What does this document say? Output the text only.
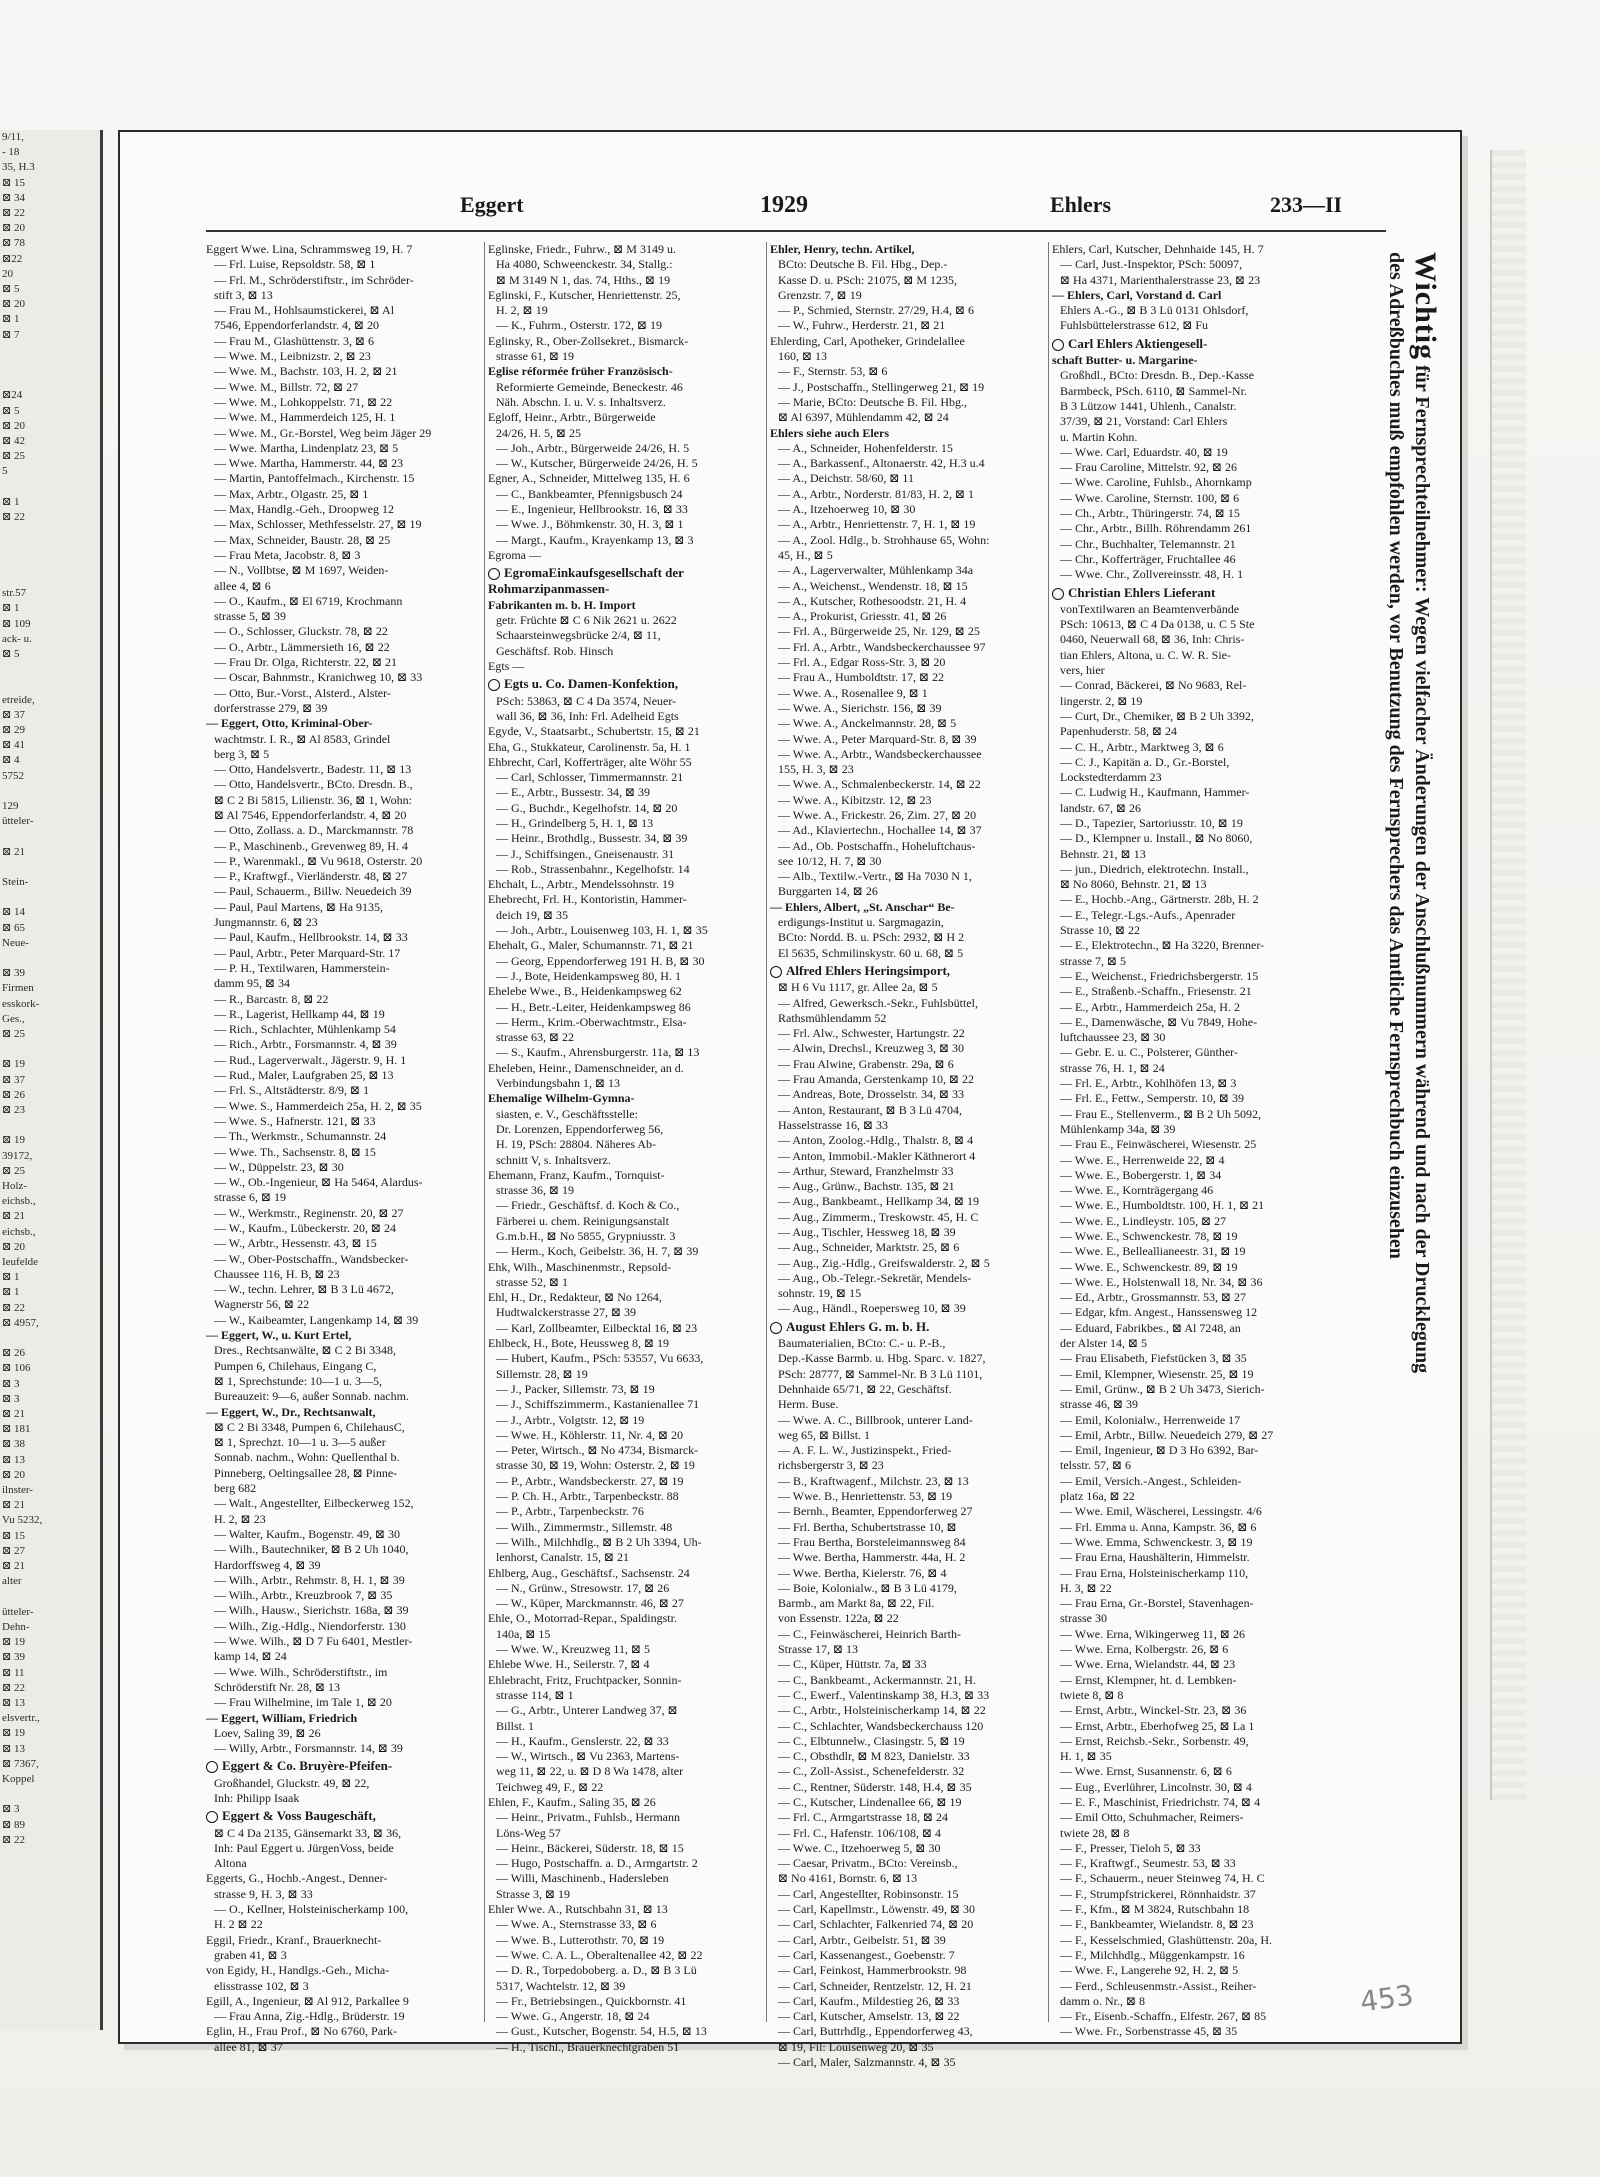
9/11,
- 18
35, H.3
⊠ 15
⊠ 34
⊠ 22
⊠ 20
⊠ 78
⊠22
20
⊠ 5
⊠ 20
⊠ 1
⊠ 7

⊠24
⊠ 5
⊠ 20
⊠ 42
⊠ 25
5

⊠ 1
⊠ 22

str.57
⊠ 1
⊠ 109
ack- u.
⊠ 5

etreide,
⊠ 37
⊠ 29
⊠ 41
⊠ 4
5752

129
ütteler-

⊠ 21

Stein-

⊠ 14
⊠ 65
Neue-

⊠ 39
Firmen
esskork-
Ges.,
⊠ 25

⊠ 19
⊠ 37
⊠ 26
⊠ 23

⊠ 19
39172,
⊠ 25
Holz-
eichsb.,
⊠ 21
eichsb.,
⊠ 20
Ieufelde
⊠ 1
⊠ 1
⊠ 22
⊠ 4957,

⊠ 26
⊠ 106
⊠ 3
⊠ 3
⊠ 21
⊠ 181
⊠ 38
⊠ 13
⊠ 20
ilnster-
⊠ 21
Vu 5232,
⊠ 15
⊠ 27
⊠ 21
alter

ütteler-
Dehn-
⊠ 19
⊠ 39
⊠ 11
⊠ 22
⊠ 13
elsvertr.,
⊠ 19
⊠ 13
⊠ 7367,
Koppel

⊠ 3
⊠ 89
⊠ 22
Eggert	1929	Ehlers	233—II
Eggert Wwe. Lina, Schrammsweg 19, H. 7
— Frl. Luise, Repsoldstr. 58, ⊠ 1
— Frl. M., Schröderstiftstr., im Schröder-
stift 3, ⊠ 13
— Frau M., Hohlsaumstickerei, ⊠ Al
7546, Eppendorferlandstr. 4, ⊠ 20
— Frau M., Glashüttenstr. 3, ⊠ 6
— Wwe. M., Leibnizstr. 2, ⊠ 23
— Wwe. M., Bachstr. 103, H. 2, ⊠ 21
— Wwe. M., Billstr. 72, ⊠ 27
— Wwe. M., Lohkoppelstr. 71, ⊠ 22
— Wwe. M., Hammerdeich 125, H. 1
— Wwe. M., Gr.-Borstel, Weg beim Jäger 29
— Wwe. Martha, Lindenplatz 23, ⊠ 5
— Wwe. Martha, Hammerstr. 44, ⊠ 23
— Martin, Pantoffelmach., Kirchenstr. 15
— Max, Arbtr., Olgastr. 25, ⊠ 1
— Max, Handlg.-Geh., Droopweg 12
— Max, Schlosser, Methfesselstr. 27, ⊠ 19
— Max, Schneider, Baustr. 28, ⊠ 25
— Frau Meta, Jacobstr. 8, ⊠ 3
— N., Vollbtse, ⊠ M 1697, Weiden-
allee 4, ⊠ 6
— O., Kaufm., ⊠ El 6719, Krochmann
strasse 5, ⊠ 39
— O., Schlosser, Gluckstr. 78, ⊠ 22
— O., Arbtr., Lämmersieth 16, ⊠ 22
— Frau Dr. Olga, Richterstr. 22, ⊠ 21
— Oscar, Bahnmstr., Kranichweg 10, ⊠ 33
— Otto, Bur.-Vorst., Alsterd., Alster-
dorferstrasse 279, ⊠ 39
— Eggert, Otto, Kriminal-Ober-
wachtmstr. I. R., ⊠ Al 8583, Grindel
berg 3, ⊠ 5
— Otto, Handelsvertr., Badestr. 11, ⊠ 13
— Otto, Handelsvertr., BCto. Dresdn. B.,
⊠ C 2 Bi 5815, Lilienstr. 36, ⊠ 1, Wohn:
⊠ Al 7546, Eppendorferlandstr. 4, ⊠ 20
— Otto, Zollass. a. D., Marckmannstr. 78
— P., Maschinenb., Grevenweg 89, H. 4
— P., Warenmakl., ⊠ Vu 9618, Osterstr. 20
— P., Kraftwgf., Vierländerstr. 48, ⊠ 27
— Paul, Schauerm., Billw. Neuedeich 39
— Paul, Paul Martens, ⊠ Ha 9135,
Jungmannstr. 6, ⊠ 23
— Paul, Kaufm., Hellbrookstr. 14, ⊠ 33
— Paul, Arbtr., Peter Marquard-Str. 17
— P. H., Textilwaren, Hammerstein-
damm 95, ⊠ 34
— R., Barcastr. 8, ⊠ 22
— R., Lagerist, Hellkamp 44, ⊠ 19
— Rich., Schlachter, Mühlenkamp 54
— Rich., Arbtr., Forsmannstr. 4, ⊠ 39
— Rud., Lagerverwalt., Jägerstr. 9, H. 1
— Rud., Maler, Laufgraben 25, ⊠ 13
— Frl. S., Altstädterstr. 8/9, ⊠ 1
— Wwe. S., Hammerdeich 25a, H. 2, ⊠ 35
— Wwe. S., Hafnerstr. 121, ⊠ 33
— Th., Werkmstr., Schumannstr. 24
— Wwe. Th., Sachsenstr. 8, ⊠ 15
— W., Düppelstr. 23, ⊠ 30
— W., Ob.-Ingenieur, ⊠ Ha 5464, Alardus-
strasse 6, ⊠ 19
— W., Werkmstr., Reginenstr. 20, ⊠ 27
— W., Kaufm., Lübeckerstr. 20, ⊠ 24
— W., Arbtr., Hessenstr. 43, ⊠ 15
— W., Ober-Postschaffn., Wandsbecker-
Chaussee 116, H. B, ⊠ 23
— W., techn. Lehrer, ⊠ B 3 Lü 4672,
Wagnerstr 56, ⊠ 22
— W., Kaibeamter, Langenkamp 14, ⊠ 39
— Eggert, W., u. Kurt Ertel,
Dres., Rechtsanwälte, ⊠ C 2 Bi 3348,
Pumpen 6, Chilehaus, Eingang C,
⊠ 1, Sprechstunde: 10—1 u. 3—5,
Bureauzeit: 9—6, außer Sonnab. nachm.
— Eggert, W., Dr., Rechtsanwalt,
⊠ C 2 Bi 3348, Pumpen 6, ChilehausC,
⊠ 1, Sprechzt. 10—1 u. 3—5 außer
Sonnab. nachm., Wohn: Quellenthal b.
Pinneberg, Oeltingsallee 28, ⊠ Pinne-
berg 682
— Walt., Angestellter, Eilbeckerweg 152,
H. 2, ⊠ 23
— Walter, Kaufm., Bogenstr. 49, ⊠ 30
— Wilh., Bautechniker, ⊠ B 2 Uh 1040,
Hardorffsweg 4, ⊠ 39
— Wilh., Arbtr., Rehmstr. 8, H. 1, ⊠ 39
— Wilh., Arbtr., Kreuzbrook 7, ⊠ 35
— Wilh., Hausw., Sierichstr. 168a, ⊠ 39
— Wilh., Zig.-Hdlg., Niendorferstr. 130
— Wwe. Wilh., ⊠ D 7 Fu 6401, Mestler-
kamp 14, ⊠ 24
— Wwe. Wilh., Schröderstiftstr., im
Schröderstift Nr. 28, ⊠ 13
— Frau Wilhelmine, im Tale 1, ⊠ 20
— Eggert, William, Friedrich
Loev, Saling 39, ⊠ 26
— Willy, Arbtr., Forsmannstr. 14, ⊠ 39
Eggert & Co. Bruyère-Pfeifen-
Großhandel, Gluckstr. 49, ⊠ 22,
Inh: Philipp Isaak
Eggert & Voss Baugeschäft,
⊠ C 4 Da 2135, Gänsemarkt 33, ⊠ 36,
Inh: Paul Eggert u. JürgenVoss, beide
Altona
Eggerts, G., Hochb.-Angest., Denner-
strasse 9, H. 3, ⊠ 33
— O., Kellner, Holsteinischerkamp 100,
H. 2 ⊠ 22
Eggil, Friedr., Kranf., Brauerknecht-
graben 41, ⊠ 3
von Egidy, H., Handlgs.-Geh., Micha-
elisstrasse 102, ⊠ 3
Egill, A., Ingenieur, ⊠ Al 912, Parkallee 9
— Frau Anna, Zig.-Hdlg., Brüderstr. 19
Eglin, H., Frau Prof., ⊠ No 6760, Park-
allee 81, ⊠ 37
Eglinske, Friedr., Fuhrw., ⊠ M 3149 u.
Ha 4080, Schweenckestr. 34, Stallg.:
⊠ M 3149 N 1, das. 74, Hths., ⊠ 19
Eglinski, F., Kutscher, Henriettenstr. 25,
H. 2, ⊠ 19
— K., Fuhrm., Osterstr. 172, ⊠ 19
Eglinsky, R., Ober-Zollsekret., Bismarck-
strasse 61, ⊠ 19
Eglise réformée früher Französisch-
Reformierte Gemeinde, Beneckestr. 46
Näh. Abschn. I. u. V. s. Inhaltsverz.
Egloff, Heinr., Arbtr., Bürgerweide
24/26, H. 5, ⊠ 25
— Joh., Arbtr., Bürgerweide 24/26, H. 5
— W., Kutscher, Bürgerweide 24/26, H. 5
Egner, A., Schneider, Mittelweg 135, H. 6
— C., Bankbeamter, Pfennigsbusch 24
— E., Ingenieur, Hellbrookstr. 16, ⊠ 33
— Wwe. J., Böhmkenstr. 30, H. 3, ⊠ 1
— Margt., Kaufm., Krayenkamp 13, ⊠ 3
Egroma —
EgromaEinkaufsgesellschaft der Rohmarzipanmassen-
Fabrikanten m. b. H. Import
getr. Früchte ⊠ C 6 Nik 2621 u. 2622
Schaarsteinwegsbrücke 2/4, ⊠ 11,
Geschäftsf. Rob. Hinsch
Egts —
Egts u. Co. Damen-Konfektion,
PSch: 53863, ⊠ C 4 Da 3574, Neuer-
wall 36, ⊠ 36, Inh: Frl. Adelheid Egts
Egyde, V., Staatsarbt., Schubertstr. 15, ⊠ 21
Eha, G., Stukkateur, Carolinenstr. 5a, H. 1
Ehbrecht, Carl, Kofferträger, alte Wöhr 55
— Carl, Schlosser, Timmermannstr. 21
— E., Arbtr., Bussestr. 34, ⊠ 39
— G., Buchdr., Kegelhofstr. 14, ⊠ 20
— H., Grindelberg 5, H. 1, ⊠ 13
— Heinr., Brothdlg., Bussestr. 34, ⊠ 39
— J., Schiffsingen., Gneisenaustr. 31
— Rob., Strassenbahnr., Kegelhofstr. 14
Ehchalt, L., Arbtr., Mendelssohnstr. 19
Ehebrecht, Frl. H., Kontoristin, Hammer-
deich 19, ⊠ 35
— Joh., Arbtr., Louisenweg 103, H. 1, ⊠ 35
Ehehalt, G., Maler, Schumannstr. 71, ⊠ 21
— Georg, Eppendorferweg 191 H. B, ⊠ 30
— J., Bote, Heidenkampsweg 80, H. 1
Ehelebe Wwe., B., Heidenkampsweg 62
— H., Betr.-Leiter, Heidenkampsweg 86
— Herm., Krim.-Oberwachtmstr., Elsa-
strasse 63, ⊠ 22
— S., Kaufm., Ahrensburgerstr. 11a, ⊠ 13
Eheleben, Heinr., Damenschneider, an d.
Verbindungsbahn 1, ⊠ 13
Ehemalige Wilhelm-Gymna-
siasten, e. V., Geschäftsstelle:
Dr. Lorenzen, Eppendorferweg 56,
H. 19, PSch: 28804. Näheres Ab-
schnitt V, s. Inhaltsverz.
Ehemann, Franz, Kaufm., Tornquist-
strasse 36, ⊠ 19
— Friedr., Geschäftsf. d. Koch & Co.,
Färberei u. chem. Reinigungsanstalt
G.m.b.H., ⊠ No 5855, Grypniusstr. 3
— Herm., Koch, Geibelstr. 36, H. 7, ⊠ 39
Ehk, Wilh., Maschinenmstr., Repsold-
strasse 52, ⊠ 1
Ehl, H., Dr., Redakteur, ⊠ No 1264,
Hudtwalckerstrasse 27, ⊠ 39
— Karl, Zollbeamter, Eilbecktal 16, ⊠ 23
Ehlbeck, H., Bote, Heussweg 8, ⊠ 19
— Hubert, Kaufm., PSch: 53557, Vu 6633,
Sillemstr. 28, ⊠ 19
— J., Packer, Sillemstr. 73, ⊠ 19
— J., Schiffszimmerm., Kastanienallee 71
— J., Arbtr., Volgtstr. 12, ⊠ 19
— Wwe. H., Köhlerstr. 11, Nr. 4, ⊠ 20
— Peter, Wirtsch., ⊠ No 4734, Bismarck-
strasse 30, ⊠ 19, Wohn: Osterstr. 2, ⊠ 19
— P., Arbtr., Wandsbeckerstr. 27, ⊠ 19
— P. Ch. H., Arbtr., Tarpenbeckstr. 88
— P., Arbtr., Tarpenbeckstr. 76
— Wilh., Zimmermstr., Sillemstr. 48
— Wilh., Milchhdlg., ⊠ B 2 Uh 3394, Uh-
lenhorst, Canalstr. 15, ⊠ 21
Ehlberg, Aug., Geschäftsf., Sachsenstr. 24
— N., Grünw., Stresowstr. 17, ⊠ 26
— W., Küper, Marckmannstr. 46, ⊠ 27
Ehle, O., Motorrad-Repar., Spaldingstr.
140a, ⊠ 15
— Wwe. W., Kreuzweg 11, ⊠ 5
Ehlebe Wwe. H., Seilerstr. 7, ⊠ 4
Ehlebracht, Fritz, Fruchtpacker, Sonnin-
strasse 114, ⊠ 1
— G., Arbtr., Unterer Landweg 37, ⊠
Billst. 1
— H., Kaufm., Genslerstr. 22, ⊠ 33
— W., Wirtsch., ⊠ Vu 2363, Martens-
weg 11, ⊠ 22, u. ⊠ D 8 Wa 1478, alter
Teichweg 49, F., ⊠ 22
Ehlen, F., Kaufm., Saling 35, ⊠ 26
— Heinr., Privatm., Fuhlsb., Hermann
Löns-Weg 57
— Heinr., Bäckerei, Süderstr. 18, ⊠ 15
— Hugo, Postschaffn. a. D., Armgartstr. 2
— Willi, Maschinenb., Hadersleben
Strasse 3, ⊠ 19
Ehler Wwe. A., Rutschbahn 31, ⊠ 13
— Wwe. A., Sternstrasse 33, ⊠ 6
— Wwe. B., Lutterothstr. 70, ⊠ 19
— Wwe. C. A. L., Oberaltenallee 42, ⊠ 22
— D. R., Torpedoboberg. a. D., ⊠ B 3 Lü
5317, Wachtelstr. 12, ⊠ 39
— Fr., Betriebsingen., Quickbornstr. 41
— Wwe. G., Angerstr. 18, ⊠ 24
— Gust., Kutscher, Bogenstr. 54, H.5, ⊠ 13
— H., Tischl., Brauerknechtgraben 51
Ehler, Henry, techn. Artikel,
BCto: Deutsche B. Fil. Hbg., Dep.-
Kasse D. u. PSch: 21075, ⊠ M 1235,
Grenzstr. 7, ⊠ 19
— P., Schmied, Sternstr. 27/29, H.4, ⊠ 6
— W., Fuhrw., Herderstr. 21, ⊠ 21
Ehlerding, Carl, Apotheker, Grindelallee
160, ⊠ 13
— F., Sternstr. 53, ⊠ 6
— J., Postschaffn., Stellingerweg 21, ⊠ 19
— Marie, BCto: Deutsche B. Fil. Hbg.,
⊠ Al 6397, Mühlendamm 42, ⊠ 24
Ehlers siehe auch Elers
— A., Schneider, Hohenfelderstr. 15
— A., Barkassenf., Altonaerstr. 42, H.3 u.4
— A., Deichstr. 58/60, ⊠ 11
— A., Arbtr., Norderstr. 81/83, H. 2, ⊠ 1
— A., Itzehoerweg 10, ⊠ 30
— A., Arbtr., Henriettenstr. 7, H. 1, ⊠ 19
— A., Zool. Hdlg., b. Strohhause 65, Wohn:
45, H., ⊠ 5
— A., Lagerverwalter, Mühlenkamp 34a
— A., Weichenst., Wendenstr. 18, ⊠ 15
— A., Kutscher, Rothesoodstr. 21, H. 4
— A., Prokurist, Griesstr. 41, ⊠ 26
— Frl. A., Bürgerweide 25, Nr. 129, ⊠ 25
— Frl. A., Arbtr., Wandsbeckerchaussee 97
— Frl. A., Edgar Ross-Str. 3, ⊠ 20
— Frau A., Humboldtstr. 17, ⊠ 22
— Wwe. A., Rosenallee 9, ⊠ 1
— Wwe. A., Sierichstr. 156, ⊠ 39
— Wwe. A., Anckelmannstr. 28, ⊠ 5
— Wwe. A., Peter Marquard-Str. 8, ⊠ 39
— Wwe. A., Arbtr., Wandsbeckerchaussee
155, H. 3, ⊠ 23
— Wwe. A., Schmalenbeckerstr. 14, ⊠ 22
— Wwe. A., Kibitzstr. 12, ⊠ 23
— Wwe. A., Frickestr. 26, Zim. 27, ⊠ 20
— Ad., Klaviertechn., Hochallee 14, ⊠ 37
— Ad., Ob. Postschaffn., Hoheluftchaus-
see 10/12, H. 7, ⊠ 30
— Alb., Textilw.-Vertr., ⊠ Ha 7030 N 1,
Burggarten 14, ⊠ 26
— Ehlers, Albert, „St. Anschar“ Be-
erdigungs-Institut u. Sargmagazin,
BCto: Nordd. B. u. PSch: 2932, ⊠ H 2
El 5635, Schmilinskystr. 60 u. 68, ⊠ 5
Alfred Ehlers Heringsimport,
⊠ H 6 Vu 1117, gr. Allee 2a, ⊠ 5
— Alfred, Gewerksch.-Sekr., Fuhlsbüttel,
Rathsmühlendamm 52
— Frl. Alw., Schwester, Hartungstr. 22
— Alwin, Drechsl., Kreuzweg 3, ⊠ 30
— Frau Alwine, Grabenstr. 29a, ⊠ 6
— Frau Amanda, Gerstenkamp 10, ⊠ 22
— Andreas, Bote, Drosselstr. 34, ⊠ 33
— Anton, Restaurant, ⊠ B 3 Lü 4704,
Hasselstrasse 16, ⊠ 33
— Anton, Zoolog.-Hdlg., Thalstr. 8, ⊠ 4
— Anton, Immobil.-Makler Käthnerort 4
— Arthur, Steward, Franzhelmstr 33
— Aug., Grünw., Bachstr. 135, ⊠ 21
— Aug., Bankbeamt., Hellkamp 34, ⊠ 19
— Aug., Zimmerm., Treskowstr. 45, H. C
— Aug., Tischler, Hessweg 18, ⊠ 39
— Aug., Schneider, Marktstr. 25, ⊠ 6
— Aug., Zig.-Hdlg., Greifswalderstr. 2, ⊠ 5
— Aug., Ob.-Telegr.-Sekretär, Mendels-
sohnstr. 19, ⊠ 15
— Aug., Händl., Roepersweg 10, ⊠ 39
August Ehlers G. m. b. H.
Baumaterialien, BCto: C.- u. P.-B.,
Dep.-Kasse Barmb. u. Hbg. Sparc. v. 1827,
PSch: 28777, ⊠ Sammel-Nr. B 3 Lü 1101,
Dehnhaide 65/71, ⊠ 22, Geschäftsf.
Herm. Buse.
— Wwe. A. C., Billbrook, unterer Land-
weg 65, ⊠ Billst. 1
— A. F. L. W., Justizinspekt., Fried-
richsbergerstr 3, ⊠ 23
— B., Kraftwagenf., Milchstr. 23, ⊠ 13
— Wwe. B., Henriettenstr. 53, ⊠ 19
— Bernh., Beamter, Eppendorferweg 27
— Frl. Bertha, Schubertstrasse 10, ⊠
— Frau Bertha, Borsteleimannsweg 84
— Wwe. Bertha, Hammerstr. 44a, H. 2
— Wwe. Bertha, Kielerstr. 76, ⊠ 4
— Boie, Kolonialw., ⊠ B 3 Lü 4179,
Barmb., am Markt 8a, ⊠ 22, Fil.
von Essenstr. 122a, ⊠ 22
— C., Feinwäscherei, Heinrich Barth-
Strasse 17, ⊠ 13
— C., Küper, Hüttstr. 7a, ⊠ 33
— C., Bankbeamt., Ackermannstr. 21, H.
— C., Ewerf., Valentinskamp 38, H.3, ⊠ 33
— C., Arbtr., Holsteinischerkamp 14, ⊠ 22
— C., Schlachter, Wandsbeckerchauss 120
— C., Elbtunnelw., Clasingstr. 5, ⊠ 19
— C., Obsthdlr, ⊠ M 823, Danielstr. 33
— C., Zoll-Assist., Schenefelderstr. 32
— C., Rentner, Süderstr. 148, H.4, ⊠ 35
— C., Kutscher, Lindenallee 66, ⊠ 19
— Frl. C., Armgartstrasse 18, ⊠ 24
— Frl. C., Hafenstr. 106/108, ⊠ 4
— Wwe. C., Itzehoerweg 5, ⊠ 30
— Caesar, Privatm., BCto: Vereinsb.,
⊠ No 4161, Bornstr. 6, ⊠ 13
— Carl, Angestellter, Robinsonstr. 15
— Carl, Kapellmstr., Löwenstr. 49, ⊠ 30
— Carl, Schlachter, Falkenried 74, ⊠ 20
— Carl, Arbtr., Geibelstr. 51, ⊠ 39
— Carl, Kassenangest., Goebenstr. 7
— Carl, Feinkost, Hammerbrookstr. 98
— Carl, Schneider, Rentzelstr. 12, H. 21
— Carl, Kaufm., Mildestieg 26, ⊠ 33
— Carl, Kutscher, Amselstr. 13, ⊠ 22
— Carl, Buttrhdlg., Eppendorferweg 43,
⊠ 19, Fil: Louisenweg 20, ⊠ 35
— Carl, Maler, Salzmannstr. 4, ⊠ 35
Ehlers, Carl, Kutscher, Dehnhaide 145, H. 7
— Carl, Just.-Inspektor, PSch: 50097,
⊠ Ha 4371, Marienthalerstrasse 23, ⊠ 23
— Ehlers, Carl, Vorstand d. Carl
Ehlers A.-G., ⊠ B 3 Lü 0131 Ohlsdorf,
Fuhlsbüttelerstrasse 612, ⊠ Fu
Carl Ehlers Aktiengesell-
schaft Butter- u. Margarine-
Großhdl., BCto: Dresdn. B., Dep.-Kasse
Barmbeck, PSch. 6110, ⊠ Sammel-Nr.
B 3 Lützow 1441, Uhlenh., Canalstr.
37/39, ⊠ 21, Vorstand: Carl Ehlers
u. Martin Kohn.
— Wwe. Carl, Eduardstr. 40, ⊠ 19
— Frau Caroline, Mittelstr. 92, ⊠ 26
— Wwe. Caroline, Fuhlsb., Ahornkamp
— Wwe. Caroline, Sternstr. 100, ⊠ 6
— Ch., Arbtr., Thüringerstr. 74, ⊠ 15
— Chr., Arbtr., Billh. Röhrendamm 261
— Chr., Buchhalter, Telemannstr. 21
— Chr., Kofferträger, Fruchtallee 46
— Wwe. Chr., Zollvereinsstr. 48, H. 1
Christian Ehlers Lieferant
vonTextilwaren an Beamtenverbände
PSch: 10613, ⊠ C 4 Da 0138, u. C 5 Ste
0460, Neuerwall 68, ⊠ 36, Inh: Chris-
tian Ehlers, Altona, u. C. W. R. Sie-
vers, hier
— Conrad, Bäckerei, ⊠ No 9683, Rel-
lingerstr. 2, ⊠ 19
— Curt, Dr., Chemiker, ⊠ B 2 Uh 3392,
Papenhuderstr. 58, ⊠ 24
— C. H., Arbtr., Marktweg 3, ⊠ 6
— C. J., Kapitän a. D., Gr.-Borstel,
Lockstedterdamm 23
— C. Ludwig H., Kaufmann, Hammer-
landstr. 67, ⊠ 26
— D., Tapezier, Sartoriusstr. 10, ⊠ 19
— D., Klempner u. Install., ⊠ No 8060,
Behnstr. 21, ⊠ 13
— jun., Diedrich, elektrotechn. Install.,
⊠ No 8060, Behnstr. 21, ⊠ 13
— E., Hochb.-Ang., Gärtnerstr. 28b, H. 2
— E., Telegr.-Lgs.-Aufs., Apenrader
Strasse 10, ⊠ 22
— E., Elektrotechn., ⊠ Ha 3220, Brenner-
strasse 7, ⊠ 5
— E., Weichenst., Friedrichsbergerstr. 15
— E., Straßenb.-Schaffn., Friesenstr. 21
— E., Arbtr., Hammerdeich 25a, H. 2
— E., Damenwäsche, ⊠ Vu 7849, Hohe-
luftchaussee 23, ⊠ 30
— Gebr. E. u. C., Polsterer, Günther-
strasse 76, H. 1, ⊠ 24
— Frl. E., Arbtr., Kohlhöfen 13, ⊠ 3
— Frl. E., Fettw., Semperstr. 10, ⊠ 39
— Frau E., Stellenverm., ⊠ B 2 Uh 5092,
Mühlenkamp 34a, ⊠ 39
— Frau E., Feinwäscherei, Wiesenstr. 25
— Wwe. E., Herrenweide 22, ⊠ 4
— Wwe. E., Bobergerstr. 1, ⊠ 34
— Wwe. E., Kornträgergang 46
— Wwe. E., Humboldtstr. 100, H. 1, ⊠ 21
— Wwe. E., Lindleystr. 105, ⊠ 27
— Wwe. E., Schwenckestr. 78, ⊠ 19
— Wwe. E., Belleallianeestr. 31, ⊠ 19
— Wwe. E., Schwenckestr. 89, ⊠ 19
— Wwe. E., Holstenwall 18, Nr. 34, ⊠ 36
— Ed., Arbtr., Grossmannstr. 53, ⊠ 27
— Edgar, kfm. Angest., Hanssensweg 12
— Eduard, Fabrikbes., ⊠ Al 7248, an
der Alster 14, ⊠ 5
— Frau Elisabeth, Fiefstücken 3, ⊠ 35
— Emil, Klempner, Wiesenstr. 25, ⊠ 19
— Emil, Grünw., ⊠ B 2 Uh 3473, Sierich-
strasse 46, ⊠ 39
— Emil, Kolonialw., Herrenweide 17
— Emil, Arbtr., Billw. Neuedeich 279, ⊠ 27
— Emil, Ingenieur, ⊠ D 3 Ho 6392, Bar-
telsstr. 57, ⊠ 6
— Emil, Versich.-Angest., Schleiden-
platz 16a, ⊠ 22
— Wwe. Emil, Wäscherei, Lessingstr. 4/6
— Frl. Emma u. Anna, Kampstr. 36, ⊠ 6
— Wwe. Emma, Schwenckestr. 3, ⊠ 19
— Frau Erna, Haushälterin, Himmelstr.
— Frau Erna, Holsteinischerkamp 110,
H. 3, ⊠ 22
— Frau Erna, Gr.-Borstel, Stavenhagen-
strasse 30
— Wwe. Erna, Wikingerweg 11, ⊠ 26
— Wwe. Erna, Kolbergstr. 26, ⊠ 6
— Wwe. Erna, Wielandstr. 44, ⊠ 23
— Ernst, Klempner, ht. d. Lembken-
twiete 8, ⊠ 8
— Ernst, Arbtr., Winckel-Str. 23, ⊠ 36
— Ernst, Arbtr., Eberhofweg 25, ⊠ La 1
— Ernst, Reichsb.-Sekr., Sorbenstr. 49,
H. 1, ⊠ 35
— Wwe. Ernst, Susannenstr. 6, ⊠ 6
— Eug., Everlührer, Lincolnstr. 30, ⊠ 4
— E. F., Maschinist, Friedrichstr. 74, ⊠ 4
— Emil Otto, Schuhmacher, Reimers-
twiete 28, ⊠ 8
— F., Presser, Tieloh 5, ⊠ 33
— F., Kraftwgf., Seumestr. 53, ⊠ 33
— F., Schauerm., neuer Steinweg 74, H. C
— F., Strumpfstrickerei, Rönnhaidstr. 37
— F., Kfm., ⊠ M 3824, Rutschbahn 18
— F., Bankbeamter, Wielandstr. 8, ⊠ 23
— F., Kesselschmied, Glashüttenstr. 20a, H.
— F., Milchhdlg., Müggenkampstr. 16
— Wwe. F., Langerehe 92, H. 2, ⊠ 5
— Ferd., Schleusenmstr.-Assist., Reiher-
damm o. Nr., ⊠ 8
— Fr., Eisenb.-Schaffn., Elfestr. 267, ⊠ 85
— Wwe. Fr., Sorbenstrasse 45, ⊠ 35
Wichtig für Fernsprechteilnehmer: Wegen vielfacher Änderungen der Anschlußnummern während und nach der Drucklegung
des Adreßbuches muß empfohlen werden, vor Benutzung des Fernsprechers das Amtliche Fernsprechbuch einzusehen
453
